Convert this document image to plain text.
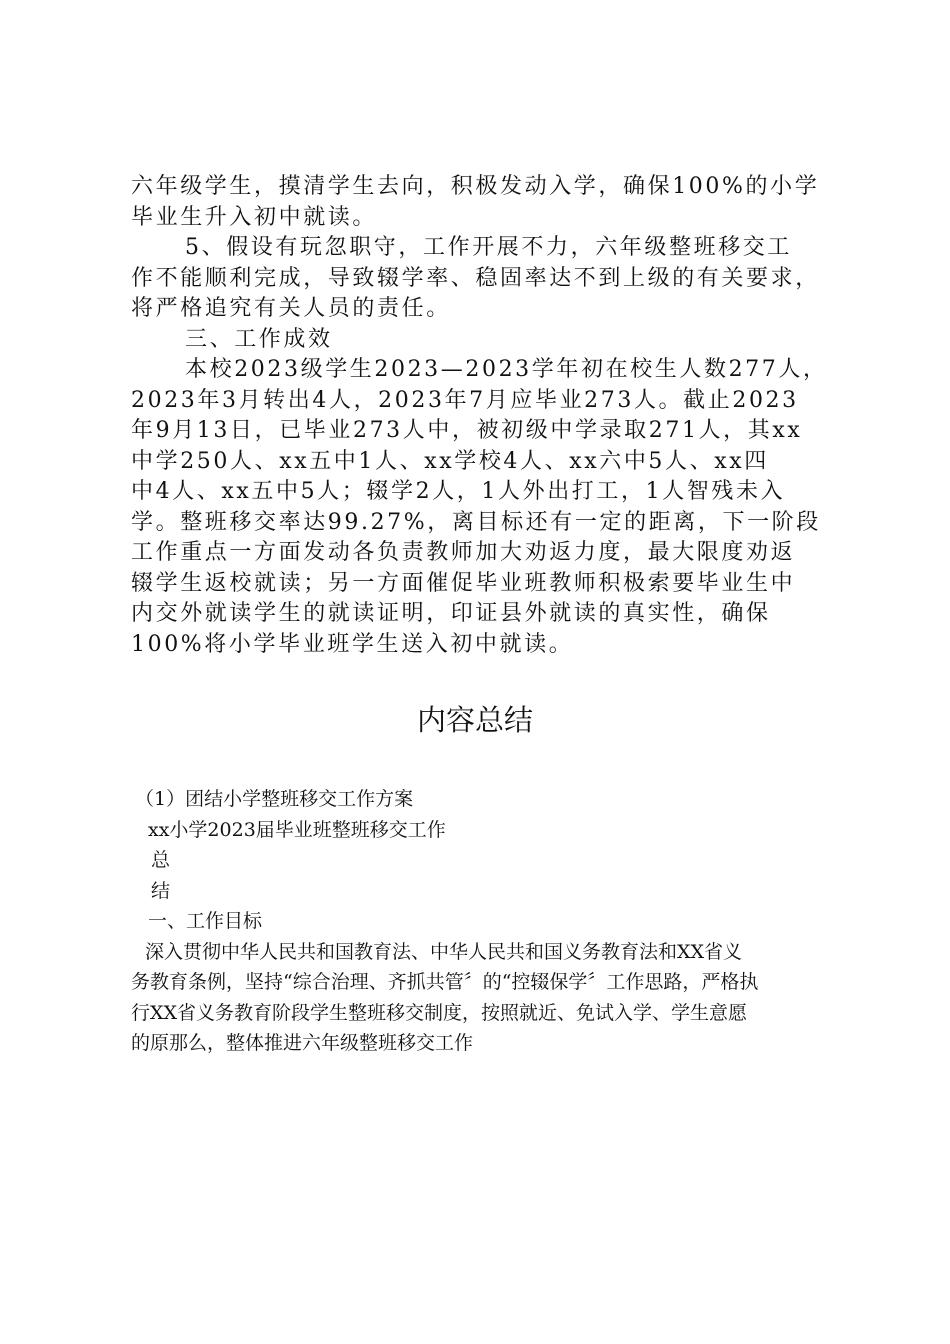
六年级学生，摸清学生去向，积极发动入学，确保100%的小学

毕业生升入初中就读。

5、假设有玩忽职守，工作开展不力，六年级整班移交工

作不能顺利完成，导致辍学率、稳固率达不到上级的有关要求，

将严格追究有关人员的责任。

三、工作成效

本校2023级学生2023—2023学年初在校生人数277人，

2023年3月转出4人，2023年7月应毕业273人。截止2023

年9月13日，已毕业273人中，被初级中学录取271人，其xx

中学250人、xx五中1人、xx学校4人、xx六中5人、xx四

中4人、xx五中5人；辍学2人，1人外出打工，1人智残未入

学。整班移交率达99.27%，离目标还有一定的距离，下一阶段

工作重点一方面发动各负责教师加大劝返力度，最大限度劝返

辍学生返校就读；另一方面催促毕业班教师积极索要毕业生中

内交外就读学生的就读证明，印证县外就读的真实性，确保

100%将小学毕业班学生送入初中就读。

内容总结

（1）团结小学整班移交工作方案

xx小学2023届毕业班整班移交工作

总

结

一、工作目标

深入贯彻中华人民共和国教育法、中华人民共和国义务教育法和XX省义

务教育条例，坚持“综合治理、齐抓共管〞的“控辍保学〞工作思路，严格执

行XX省义务教育阶段学生整班移交制度，按照就近、免试入学、学生意愿

的原那么，整体推进六年级整班移交工作
